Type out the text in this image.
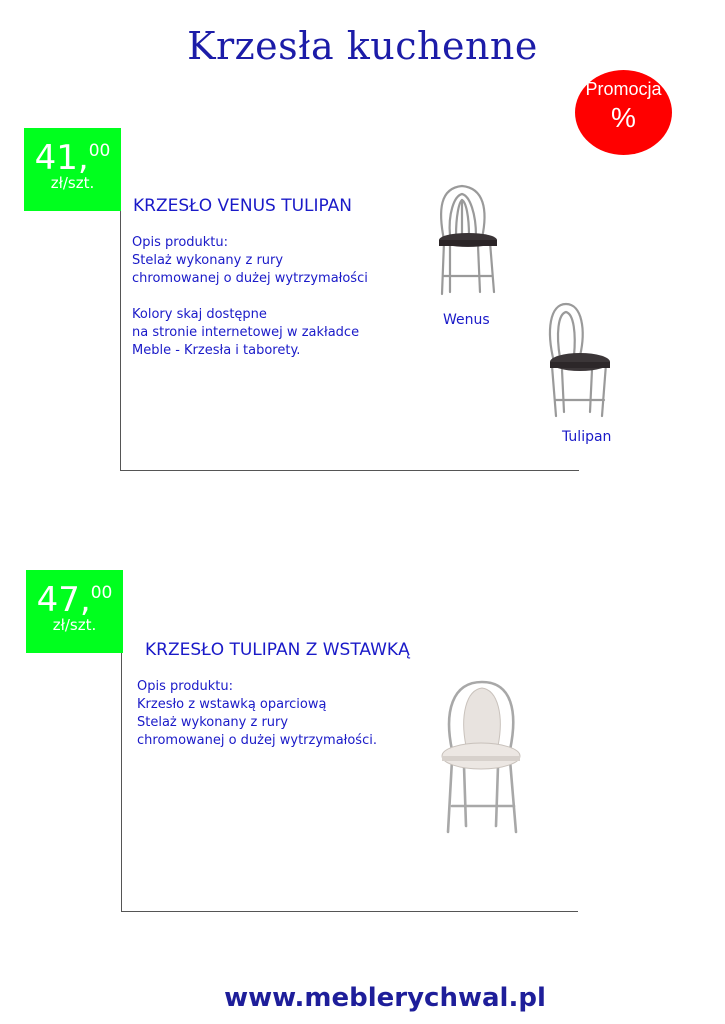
Krzesła kuchenne
Promocja
%
41,00
zł/szt.
KRZESŁO VENUS TULIPAN
Opis produktu:
Stelaż wykonany z rury
chromowanej o dużej wytrzymałości

Kolory skaj dostępne
na stronie internetowej w zakładce
Meble - Krzesła i taborety.
Wenus
Tulipan
47,00
zł/szt.
KRZESŁO TULIPAN Z WSTAWKĄ
Opis produktu:
Krzesło z wstawką oparciową
Stelaż wykonany z rury
chromowanej o dużej wytrzymałości.
www.meblerychwal.pl
